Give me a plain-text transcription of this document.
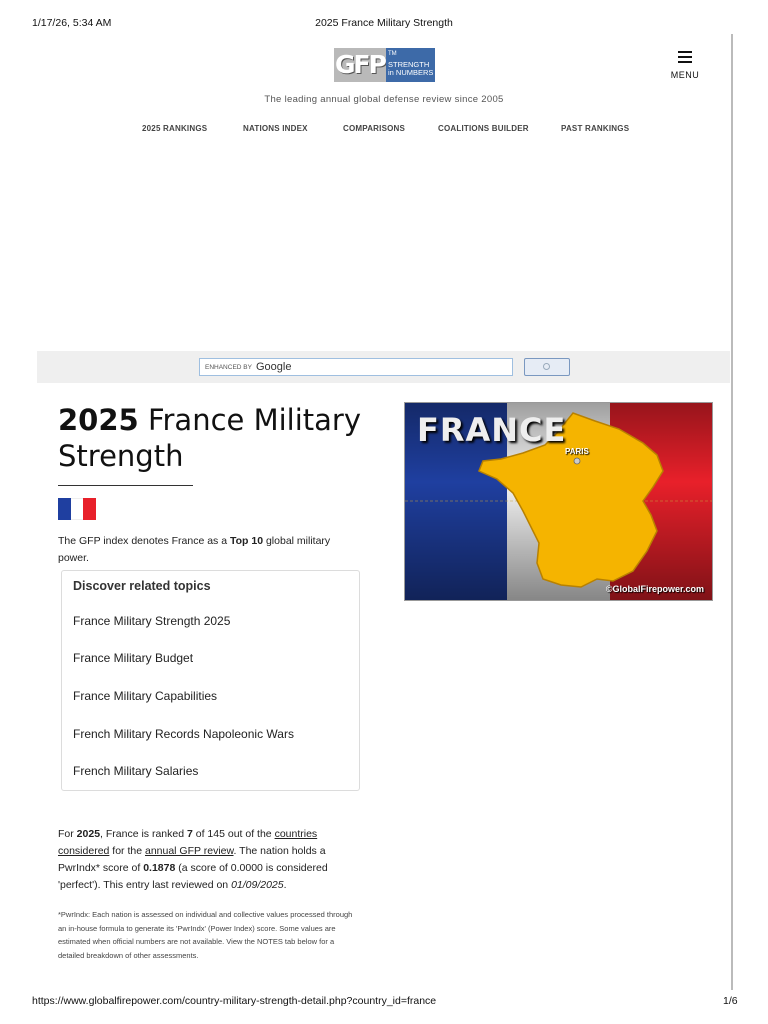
1/17/26, 5:34 AM	2025 France Military Strength
GFP TM
STRENGTH in NUMBERS	MENU
The leading annual global defense review since 2005
2025 RANKINGS	NATIONS INDEX	COMPARISONS	COALITIONS BUILDER	PAST RANKINGS
ENHANCED BY Google
2025 France Military Strength
The GFP index denotes France as a Top 10 global military power.
Discover related topics
France Military Strength 2025
France Military Budget
France Military Capabilities
French Military Records Napoleonic Wars
French Military Salaries
FRANCE
PARIS
©GlobalFirepower.com
For 2025, France is ranked 7 of 145 out of the countries considered for the annual GFP review. The nation holds a PwrIndx* score of 0.1878 (a score of 0.0000 is considered 'perfect'). This entry last reviewed on 01/09/2025.
*PwrIndx: Each nation is assessed on individual and collective values processed through an in-house formula to generate its 'PwrIndx' (Power Index) score. Some values are estimated when official numbers are not available. View the NOTES tab below for a detailed breakdown of other assessments.
https://www.globalfirepower.com/country-military-strength-detail.php?country_id=france	1/6
